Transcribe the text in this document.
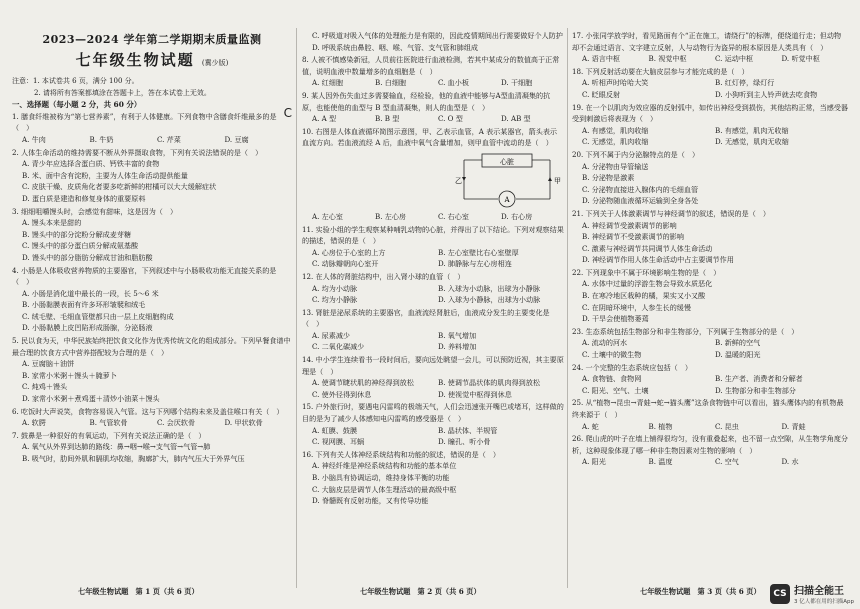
2023—2024 学年第二学期期末质量监测
七年级生物试题 (冀少版)
注意：1. 本试卷共 6 页，满分 100 分。
2. 请将所有答案都填涂在答题卡上，答在本试卷上无效。
一、选择题（每小题 2 分，共 60 分）
1. 膳食纤维被称为“第七营养素”，有利于人体健康。下列食物中含膳食纤维最多的是（　）
C
A. 牛肉	B. 牛奶	C. 芹菜	D. 豆腐
2. 人体生命活动的维持需要不断从外界摄取食物，下列有关说法错误的是（　）
A. 青少年应选择含蛋白质、钙铁丰富的食物
B. 米、面中含有淀粉，主要为人体生命活动提供能量
C. 皮肤干燥、皮质角化者要多吃新鲜的柑橘可以大大缓解症状
D. 蛋白质是建造和修复身体的重要原料
3. 细细咀嚼馒头时，会感觉有甜味，这是因为（　）
A. 馒头本来是甜的
B. 馒头中的部分淀粉分解成麦芽糖
C. 馒头中的部分蛋白质分解成氨基酸
D. 馒头中的部分脂肪分解成甘油和脂肪酸
4. 小肠是人体吸收营养物质的主要器官，下列叙述中与小肠吸收功能无直接关系的是（　）
A. 小肠是消化道中最长的一段，长 5～6 米
B. 小肠黏膜表面有许多环形皱襞和绒毛
C. 绒毛壁、毛细血管壁都只由一层上皮细胞构成
D. 小肠黏膜上皮凹陷形成肠腺，分泌肠液
5. 民以食为天，中华民族始终把饮食文化作为优秀传统文化的组成部分。下列早餐食谱中最合理的饮食方式中营养搭配较为合理的是（　）
A. 豆腐脑＋油饼
B. 家常小米粥＋馒头＋腌萝卜
C. 炖鸡＋馒头
D. 家常小米粥＋煮鸡蛋＋清炒小油菜＋馒头
6. 吃饭时大声说笑，食物容易误入气管。这与下列哪个结构未来及盖住喉口有关（　）
A. 软腭	B. 气管软骨	C. 会厌软骨	D. 甲状软骨
7. 鼓鼻是一种很好的有氧运动，下列有关说法正确的是（　）
A. 氧气从外界到达肺的路线：鼻→咽→喉→支气管→气管→肺
B. 吸气时，肋间外肌和膈肌均收缩，胸廓扩大，肺内气压大于外界气压
C. 呼吸道对吸入气体的处理能力是有限的，因此疫情期间出行需要做好个人防护
D. 呼吸系统由鼻腔、咽、喉、气管、支气管和肺组成
8. 人被不慎感染新冠，人员前往医院进行血液检测，若其中某成分的数值高于正常值，说明血液中数量增多的血细胞是（　）
A. 红细胞	B. 白细胞	C. 血小板	D. 干细胞
9. 某人因外伤失血过多需要输血，经检验，他的血液中能够与A型血清凝集的抗原，也能使他的血型与 B 型血清凝集，则人的血型是（　）
A. A 型	B. B 型	C. O 型	D. AB 型
10. 右图是人体血液循环简图示意图，甲、乙表示血管，A 表示某器官，箭头表示血流方向。若血液流经 A 后，血液中氧气含量增加，则甲血管中流动的是（　）
心脏
A
乙	甲
A. 左心室	B. 左心房	C. 右心室	D. 右心房
11. 实验小组的学生观察某种哺乳动物的心脏，并得出了以下结论。下列对观察结果的描述，错误的是（　）
A. 心房位于心室的上方	B. 左心室壁比右心室壁厚
C. 动脉瓣朝向心室开	D. 肺静脉与左心房相连
12. 在人体的肾脏结构中，出入肾小球的血管（　）
A. 均为小动脉	B. 入球为小动脉，出球为小静脉
C. 均为小静脉	D. 入球为小静脉，出球为小动脉
13. 肾脏是泌尿系统的主要器官，血液流经肾脏后，血液成分发生的主要变化是（　）
A. 尿素减少	B. 氧气增加
C. 二氧化碳减少	D. 养料增加
14. 中小学生连续看书一段时间后，要向远处眺望一会儿，可以预防近视，其主要原理是（　）
A. 使调节睫状肌的神经得到放松	B. 使调节晶状体的肌肉得到放松
C. 使外径得到休息	D. 使视觉中枢得到休息
15. 户外旅行时，要遇电闪雷鸣的极端天气，人们会迅速张开嘴巴或堵耳，这样做的目的是为了减少人体感知电闪雷鸣的感受器是（　）
A. 虹膜、鼓膜	B. 晶状体、半规管
C. 视网膜、耳蜗	D. 瞳孔、听小骨
16. 下列有关人体神经系统结构和功能的叙述，错误的是（　）
A. 神经纤维是神经系统结构和功能的基本单位
B. 小脑具有协调运动，维持身体平衡的功能
C. 大脑皮层是调节人体生理活动的最高级中枢
D. 脊髓既有反射功能，又有传导功能
17. 小张同学放学时，看见路面有个“正在施工，请绕行”的标牌，便绕道行走；但动物却不会通过语言、文字建立反射，人与动物行为盗异的根本原因是人类具有（　）
A. 语言中枢	B. 视觉中枢	C. 运动中枢	D. 听觉中枢
18. 下列反射活动要在大脑皮层参与才能完成的是（　）
A. 听相声时哈哈大笑	B. 红灯停，绿灯行
C. 眨眼反射	D. 小狗听到主人铃声就去吃食物
19. 在一个以肌肉为效应器的反射弧中，如传出神经受到损伤，其他结构正常，当感受器受到刺激后将表现为（　）
A. 有感觉，肌肉收缩	B. 有感觉，肌肉无收缩
C. 无感觉，肌肉收缩	D. 无感觉，肌肉无收缩
20. 下列不属于内分泌腺特点的是（　）
A. 分泌物由导管输送
B. 分泌物是激素
C. 分泌物直接进入腺体内的毛细血管
D. 分泌物随血液循环运输到全身各处
21. 下列关于人体激素调节与神经调节的叙述，错误的是（　）
A. 神经调节受激素调节的影响
B. 神经调节不受激素调节的影响
C. 激素与神经调节共同调节人体生命活动
D. 神经调节作用人体生命活动中占主要调节作用
22. 下列现象中不属于环境影响生物的是（　）
A. 水体中过量的浮游生物会导致水质恶化
B. 在寒冷地区栽种的橘，果实又小又酸
C. 在阴暗环境中，人参生长的缓慢
D. 干旱会使植物萎蔫
23. 生态系统包括生物部分和非生物部分，下列属于生物部分的是（　）
A. 流动的河水	B. 新鲜的空气
C. 土壤中的微生物	D. 温暖的阳光
24. 一个完整的生态系统应包括（　）
A. 食物链、食物网	B. 生产者、消费者和分解者
C. 阳光、空气、土壤	D. 生物部分和非生物部分
25. 从“植物→昆虫→青蛙→蛇→猫头鹰”这条食物链中可以看出，猫头鹰体内的有机物最终来源于（　）
A. 蛇	B. 植物	C. 昆虫	D. 青蛙
26. 爬山虎的叶子在墙上铺得很均匀，没有重叠起来，也不留一点空隙，从生物学角度分析，这种现象体现了哪一种非生物因素对生物的影响（　）
A. 阳光	B. 温度	C. 空气	D. 水
七年级生物试题　第 1 页（共 6 页）	七年级生物试题　第 2 页（共 6 页）	七年级生物试题　第 3 页（共 6 页）	CS 扫描全能王
3 亿人都在用的扫描App
